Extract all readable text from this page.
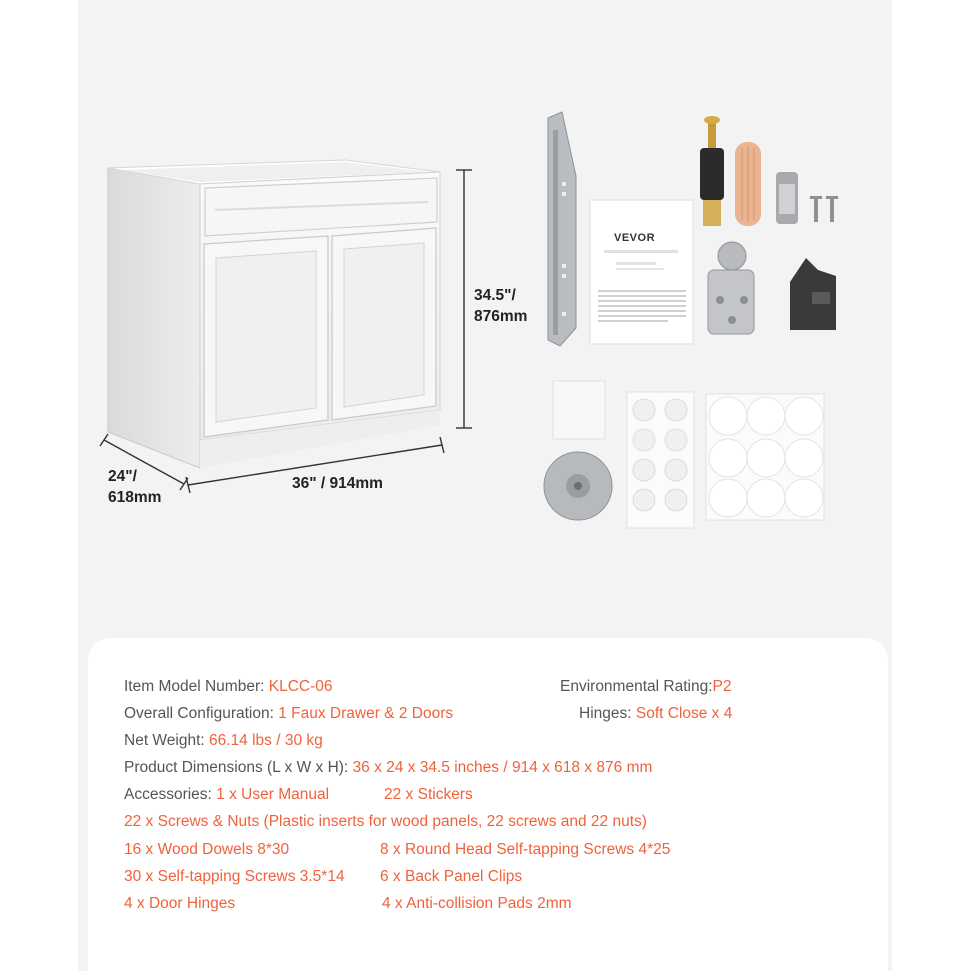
VEVOR
34.5"/
876mm
36" / 914mm
24"/
618mm
Item Model Number: KLCC-06	Environmental Rating:P2
Overall Configuration: 1 Faux Drawer & 2 Doors	Hinges: Soft Close x 4
Net Weight: 66.14 lbs / 30 kg
Product Dimensions (L x W x H): 36 x 24 x 34.5 inches / 914 x 618 x 876 mm
Accessories: 1 x User Manual	22 x Stickers
22 x Screws & Nuts (Plastic inserts for wood panels, 22 screws and 22 nuts)
16 x Wood Dowels 8*30	8 x Round Head Self-tapping Screws 4*25
30 x Self-tapping Screws 3.5*14 6 x Back Panel Clips
4 x Door Hinges	4 x Anti-collision Pads 2mm
